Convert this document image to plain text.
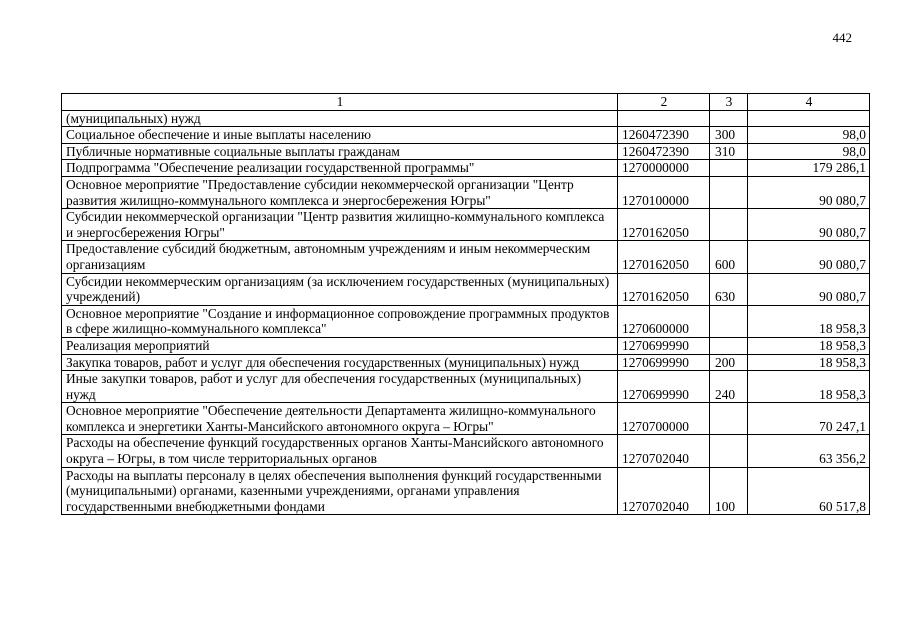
442
1	2	3	4
(муниципальных) нужд			
Социальное обеспечение и иные выплаты населению	1260472390	300	98,0
Публичные нормативные социальные выплаты гражданам	1260472390	310	98,0
Подпрограмма "Обеспечение реализации государственной программы"	1270000000		179 286,1
Основное мероприятие "Предоставление субсидии некоммерческой организации "Центр развития жилищно-коммунального комплекса и энергосбережения Югры"	1270100000		90 080,7
Субсидии некоммерческой организации "Центр развития жилищно-коммунального комплекса и энергосбережения Югры"	1270162050		90 080,7
Предоставление субсидий бюджетным, автономным учреждениям и иным некоммерческим организациям	1270162050	600	90 080,7
Субсидии некоммерческим организациям (за исключением государственных (муниципальных) учреждений)	1270162050	630	90 080,7
Основное мероприятие "Создание и информационное сопровождение программных продуктов в сфере жилищно-коммунального комплекса"	1270600000		18 958,3
Реализация мероприятий	1270699990		18 958,3
Закупка товаров, работ и услуг для обеспечения государственных (муниципальных) нужд	1270699990	200	18 958,3
Иные закупки товаров, работ и услуг для обеспечения государственных (муниципальных) нужд	1270699990	240	18 958,3
Основное мероприятие "Обеспечение деятельности Департамента жилищно-коммунального комплекса и энергетики Ханты-Мансийского автономного округа – Югры"	1270700000		70 247,1
Расходы на обеспечение функций государственных органов Ханты-Мансийского автономного округа – Югры, в том числе территориальных органов	1270702040		63 356,2
Расходы на выплаты персоналу в целях обеспечения выполнения функций государственными (муниципальными) органами, казенными учреждениями, органами управления государственными внебюджетными фондами	1270702040	100	60 517,8
